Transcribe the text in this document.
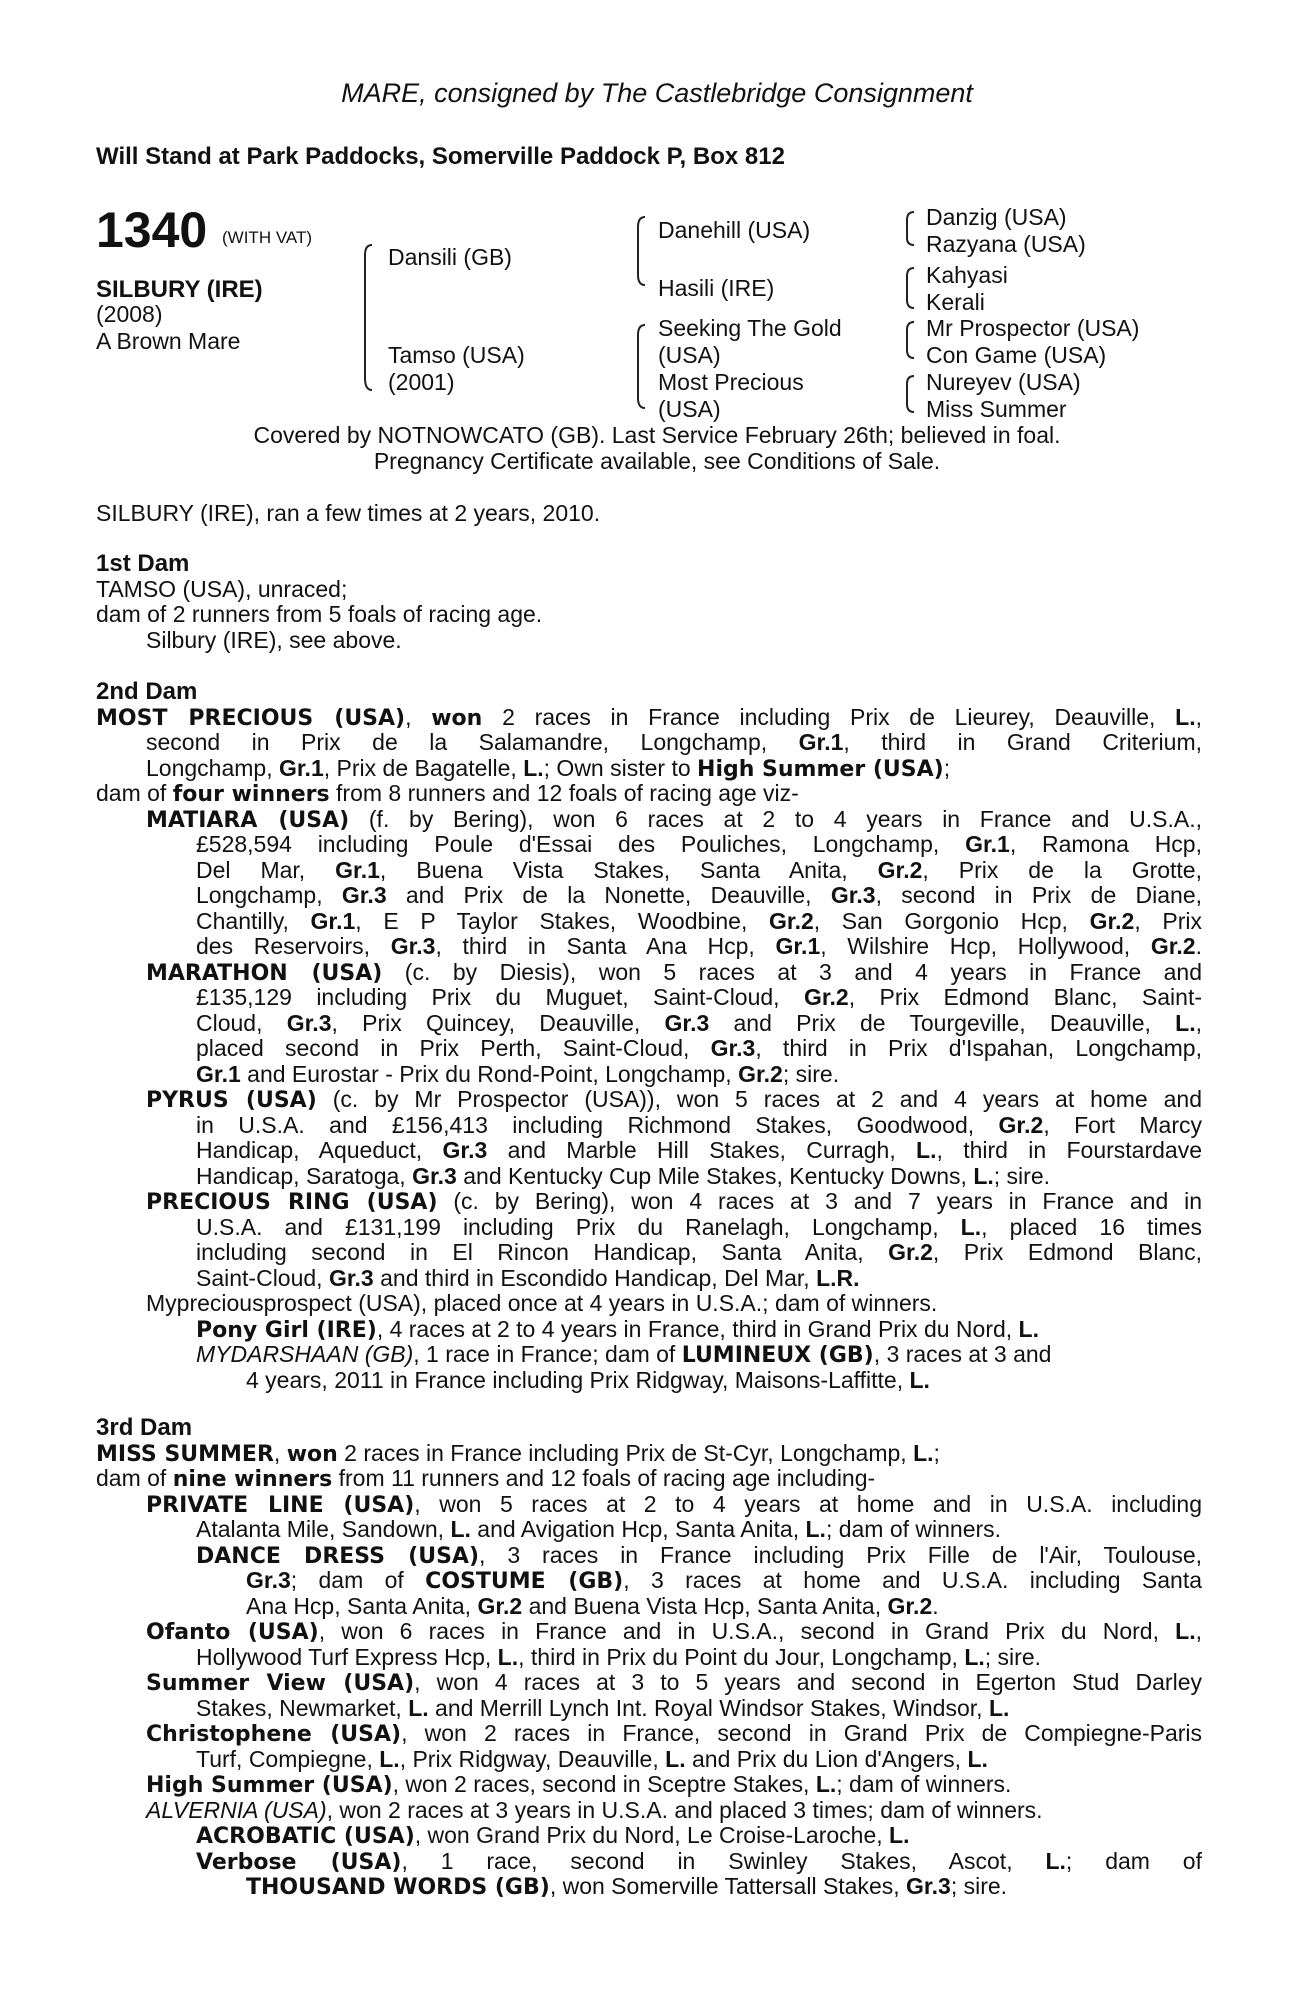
MARE, consigned by The Castlebridge Consignment
Will Stand at Park Paddocks, Somerville Paddock P, Box 812
1340 (WITH VAT)
SILBURY (IRE)
(2008)
A Brown Mare
Dansili (GB)
Tamso (USA)
(2001)
Danehill (USA)
Hasili (IRE)
Seeking The Gold
(USA)
Most Precious
(USA)
Danzig (USA)
Razyana (USA)
Kahyasi
Kerali
Mr Prospector (USA)
Con Game (USA)
Nureyev (USA)
Miss Summer
Covered by NOTNOWCATO (GB). Last Service February 26th; believed in foal.
Pregnancy Certificate available, see Conditions of Sale.
SILBURY (IRE), ran a few times at 2 years, 2010.
1st Dam
TAMSO (USA), unraced;
dam of 2 runners from 5 foals of racing age.
Silbury (IRE), see above.
2nd Dam
MOST PRECIOUS (USA), won 2 races in France including Prix de Lieurey, Deauville, L.,
second in Prix de la Salamandre, Longchamp, Gr.1, third in Grand Criterium,
Longchamp, Gr.1, Prix de Bagatelle, L.; Own sister to High Summer (USA);
dam of four winners from 8 runners and 12 foals of racing age viz-
MATIARA (USA) (f. by Bering), won 6 races at 2 to 4 years in France and U.S.A.,
£528,594 including Poule d'Essai des Pouliches, Longchamp, Gr.1, Ramona Hcp,
Del Mar, Gr.1, Buena Vista Stakes, Santa Anita, Gr.2, Prix de la Grotte,
Longchamp, Gr.3 and Prix de la Nonette, Deauville, Gr.3, second in Prix de Diane,
Chantilly, Gr.1, E P Taylor Stakes, Woodbine, Gr.2, San Gorgonio Hcp, Gr.2, Prix
des Reservoirs, Gr.3, third in Santa Ana Hcp, Gr.1, Wilshire Hcp, Hollywood, Gr.2.
MARATHON (USA) (c. by Diesis), won 5 races at 3 and 4 years in France and
£135,129 including Prix du Muguet, Saint-Cloud, Gr.2, Prix Edmond Blanc, Saint-
Cloud, Gr.3, Prix Quincey, Deauville, Gr.3 and Prix de Tourgeville, Deauville, L.,
placed second in Prix Perth, Saint-Cloud, Gr.3, third in Prix d'Ispahan, Longchamp,
Gr.1 and Eurostar - Prix du Rond-Point, Longchamp, Gr.2; sire.
PYRUS (USA) (c. by Mr Prospector (USA)), won 5 races at 2 and 4 years at home and
in U.S.A. and £156,413 including Richmond Stakes, Goodwood, Gr.2, Fort Marcy
Handicap, Aqueduct, Gr.3 and Marble Hill Stakes, Curragh, L., third in Fourstardave
Handicap, Saratoga, Gr.3 and Kentucky Cup Mile Stakes, Kentucky Downs, L.; sire.
PRECIOUS RING (USA) (c. by Bering), won 4 races at 3 and 7 years in France and in
U.S.A. and £131,199 including Prix du Ranelagh, Longchamp, L., placed 16 times
including second in El Rincon Handicap, Santa Anita, Gr.2, Prix Edmond Blanc,
Saint-Cloud, Gr.3 and third in Escondido Handicap, Del Mar, L.R.
Mypreciousprospect (USA), placed once at 4 years in U.S.A.; dam of winners.
Pony Girl (IRE), 4 races at 2 to 4 years in France, third in Grand Prix du Nord, L.
MYDARSHAAN (GB), 1 race in France; dam of LUMINEUX (GB), 3 races at 3 and
4 years, 2011 in France including Prix Ridgway, Maisons-Laffitte, L.
3rd Dam
MISS SUMMER, won 2 races in France including Prix de St-Cyr, Longchamp, L.;
dam of nine winners from 11 runners and 12 foals of racing age including-
PRIVATE LINE (USA), won 5 races at 2 to 4 years at home and in U.S.A. including
Atalanta Mile, Sandown, L. and Avigation Hcp, Santa Anita, L.; dam of winners.
DANCE DRESS (USA), 3 races in France including Prix Fille de l'Air, Toulouse,
Gr.3; dam of COSTUME (GB), 3 races at home and U.S.A. including Santa
Ana Hcp, Santa Anita, Gr.2 and Buena Vista Hcp, Santa Anita, Gr.2.
Ofanto (USA), won 6 races in France and in U.S.A., second in Grand Prix du Nord, L.,
Hollywood Turf Express Hcp, L., third in Prix du Point du Jour, Longchamp, L.; sire.
Summer View (USA), won 4 races at 3 to 5 years and second in Egerton Stud Darley
Stakes, Newmarket, L. and Merrill Lynch Int. Royal Windsor Stakes, Windsor, L.
Christophene (USA), won 2 races in France, second in Grand Prix de Compiegne-Paris
Turf, Compiegne, L., Prix Ridgway, Deauville, L. and Prix du Lion d'Angers, L.
High Summer (USA), won 2 races, second in Sceptre Stakes, L.; dam of winners.
ALVERNIA (USA), won 2 races at 3 years in U.S.A. and placed 3 times; dam of winners.
ACROBATIC (USA), won Grand Prix du Nord, Le Croise-Laroche, L.
Verbose (USA), 1 race, second in Swinley Stakes, Ascot, L.; dam of
THOUSAND WORDS (GB), won Somerville Tattersall Stakes, Gr.3; sire.
